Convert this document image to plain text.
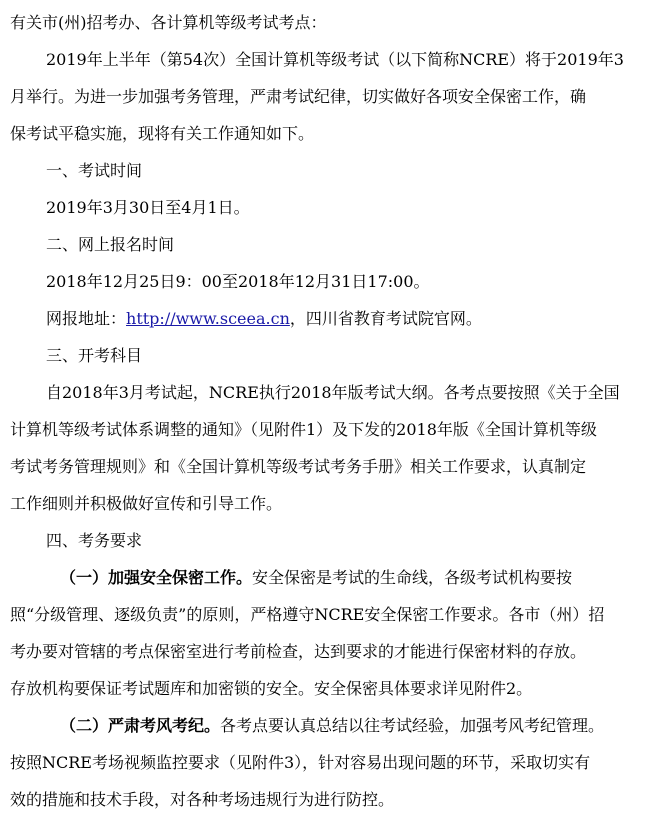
有关市(州)招考办、各计算机等级考试考点：

2019年上半年（第54次）全国计算机等级考试（以下简称NCRE）将于2019年3

月举行。为进一步加强考务管理，严肃考试纪律，切实做好各项安全保密工作，确

保考试平稳实施，现将有关工作通知如下。

一、考试时间

2019年3月30日至4月1日。

二、网上报名时间

2018年12月25日9：00至2018年12月31日17:00。

网报地址：http://www.sceea.cn，四川省教育考试院官网。

三、开考科目

自2018年3月考试起，NCRE执行2018年版考试大纲。各考点要按照《关于全国

计算机等级考试体系调整的通知》（见附件1）及下发的2018年版《全国计算机等级

考试考务管理规则》和《全国计算机等级考试考务手册》相关工作要求，认真制定

工作细则并积极做好宣传和引导工作。

四、考务要求

（一）加强安全保密工作。安全保密是考试的生命线，各级考试机构要按

照“分级管理、逐级负责”的原则，严格遵守NCRE安全保密工作要求。各市（州）招

考办要对管辖的考点保密室进行考前检查，达到要求的才能进行保密材料的存放。

存放机构要保证考试题库和加密锁的安全。安全保密具体要求详见附件2。

（二）严肃考风考纪。各考点要认真总结以往考试经验，加强考风考纪管理。

按照NCRE考场视频监控要求（见附件3），针对容易出现问题的环节，采取切实有

效的措施和技术手段，对各种考场违规行为进行防控。
